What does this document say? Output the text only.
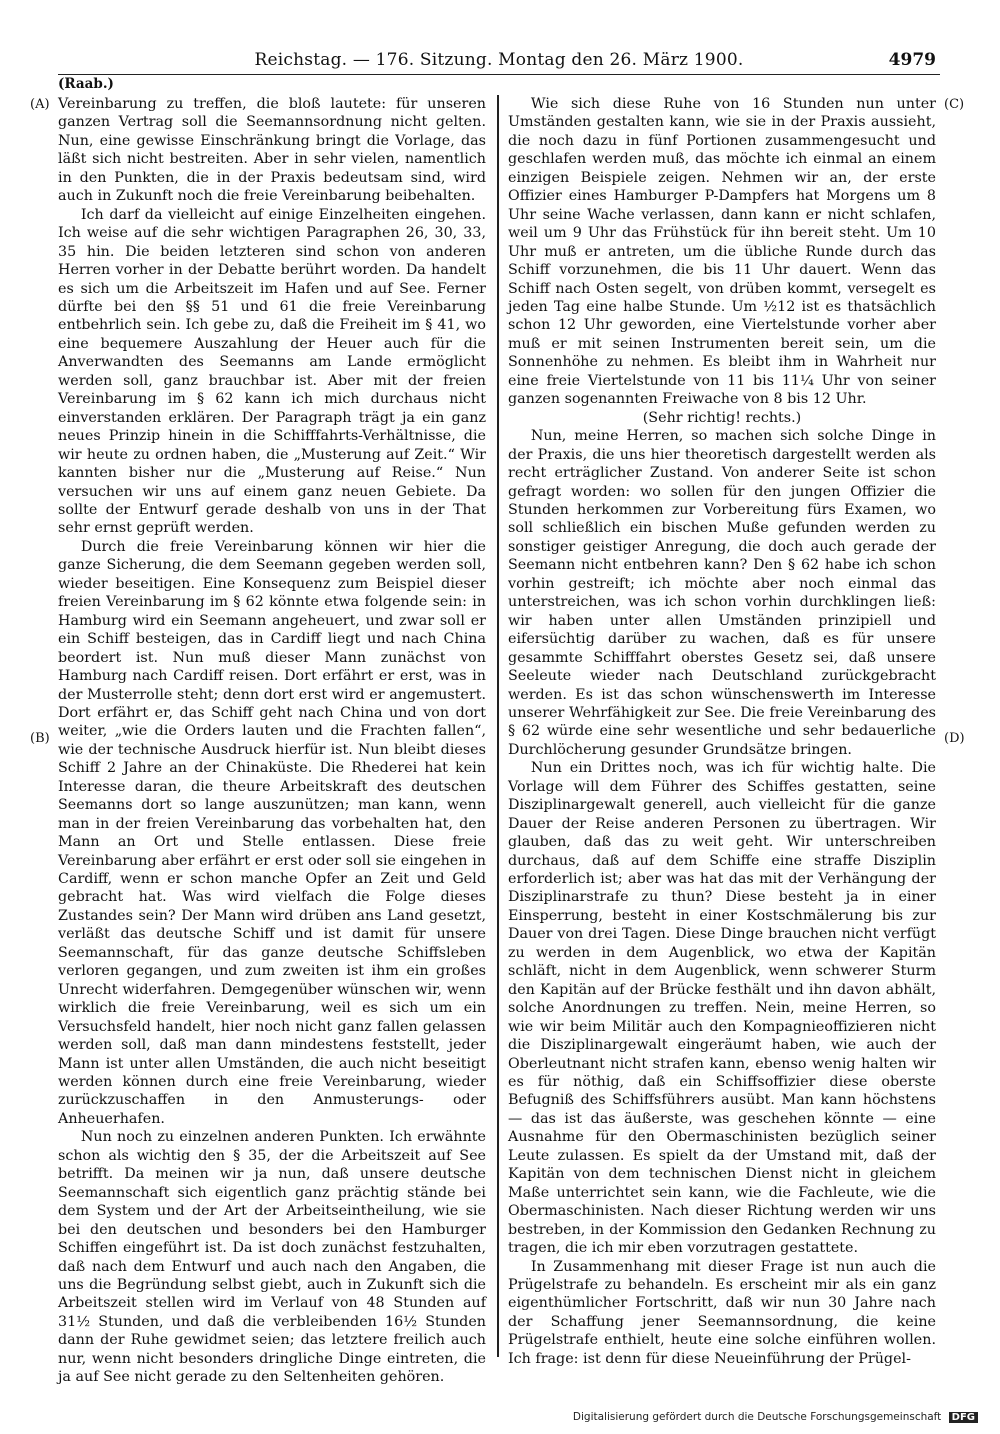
Reichstag. — 176. Sitzung. Montag den 26. März 1900.	4979
(Raab.)
(A)
(B)
(C)
(D)

Vereinbarung zu treffen, die bloß lautete: für unseren ganzen Vertrag soll die Seemannsordnung nicht gelten. Nun, eine gewisse Einschränkung bringt die Vorlage, das läßt sich nicht bestreiten. Aber in sehr vielen, namentlich in den Punkten, die in der Praxis bedeutsam sind, wird auch in Zukunft noch die freie Vereinbarung beibehalten.

Ich darf da vielleicht auf einige Einzelheiten eingehen. Ich weise auf die sehr wichtigen Paragraphen 26, 30, 33, 35 hin. Die beiden letzteren sind schon von anderen Herren vorher in der Debatte berührt worden. Da handelt es sich um die Arbeitszeit im Hafen und auf See. Ferner dürfte bei den §§ 51 und 61 die freie Vereinbarung entbehrlich sein. Ich gebe zu, daß die Freiheit im § 41, wo eine bequemere Auszahlung der Heuer auch für die Anverwandten des Seemanns am Lande ermöglicht werden soll, ganz brauchbar ist. Aber mit der freien Vereinbarung im § 62 kann ich mich durchaus nicht einverstanden erklären. Der Paragraph trägt ja ein ganz neues Prinzip hinein in die Schifffahrts-Verhältnisse, die wir heute zu ordnen haben, die „Musterung auf Zeit.“ Wir kannten bisher nur die „Musterung auf Reise.“ Nun versuchen wir uns auf einem ganz neuen Gebiete. Da sollte der Entwurf gerade deshalb von uns in der That sehr ernst geprüft werden.

Durch die freie Vereinbarung können wir hier die ganze Sicherung, die dem Seemann gegeben werden soll, wieder beseitigen. Eine Konsequenz zum Beispiel dieser freien Vereinbarung im § 62 könnte etwa folgende sein: in Hamburg wird ein Seemann angeheuert, und zwar soll er ein Schiff besteigen, das in Cardiff liegt und nach China beordert ist. Nun muß dieser Mann zunächst von Hamburg nach Cardiff reisen. Dort erfährt er erst, was in der Musterrolle steht; denn dort erst wird er angemustert. Dort erfährt er, das Schiff geht nach China und von dort weiter, „wie die Orders lauten und die Frachten fallen“, wie der technische Ausdruck hierfür ist. Nun bleibt dieses Schiff 2 Jahre an der Chinaküste. Die Rhederei hat kein Interesse daran, die theure Arbeitskraft des deutschen Seemanns dort so lange auszunützen; man kann, wenn man in der freien Vereinbarung das vorbehalten hat, den Mann an Ort und Stelle entlassen. Diese freie Vereinbarung aber erfährt er erst oder soll sie eingehen in Cardiff, wenn er schon manche Opfer an Zeit und Geld gebracht hat. Was wird vielfach die Folge dieses Zustandes sein? Der Mann wird drüben ans Land gesetzt, verläßt das deutsche Schiff und ist damit für unsere Seemannschaft, für das ganze deutsche Schiffsleben verloren gegangen, und zum zweiten ist ihm ein großes Unrecht widerfahren. Demgegenüber wünschen wir, wenn wirklich die freie Vereinbarung, weil es sich um ein Versuchsfeld handelt, hier noch nicht ganz fallen gelassen werden soll, daß man dann mindestens feststellt, jeder Mann ist unter allen Umständen, die auch nicht beseitigt werden können durch eine freie Vereinbarung, wieder zurückzuschaffen in den Anmusterungs- oder Anheuerhafen.

Nun noch zu einzelnen anderen Punkten. Ich erwähnte schon als wichtig den § 35, der die Arbeitszeit auf See betrifft. Da meinen wir ja nun, daß unsere deutsche Seemannschaft sich eigentlich ganz prächtig stände bei dem System und der Art der Arbeitseintheilung, wie sie bei den deutschen und besonders bei den Hamburger Schiffen eingeführt ist. Da ist doch zunächst festzuhalten, daß nach dem Entwurf und auch nach den Angaben, die uns die Begründung selbst giebt, auch in Zukunft sich die Arbeitszeit stellen wird im Verlauf von 48 Stunden auf 31½ Stunden, und daß die verbleibenden 16½ Stunden dann der Ruhe gewidmet seien; das letztere freilich auch nur, wenn nicht besonders dringliche Dinge eintreten, die ja auf See nicht gerade zu den Seltenheiten gehören.

Wie sich diese Ruhe von 16 Stunden nun unter Umständen gestalten kann, wie sie in der Praxis aussieht, die noch dazu in fünf Portionen zusammengesucht und geschlafen werden muß, das möchte ich einmal an einem einzigen Beispiele zeigen. Nehmen wir an, der erste Offizier eines Hamburger P-Dampfers hat Morgens um 8 Uhr seine Wache verlassen, dann kann er nicht schlafen, weil um 9 Uhr das Frühstück für ihn bereit steht. Um 10 Uhr muß er antreten, um die übliche Runde durch das Schiff vorzunehmen, die bis 11 Uhr dauert. Wenn das Schiff nach Osten segelt, von drüben kommt, versegelt es jeden Tag eine halbe Stunde. Um ½12 ist es thatsächlich schon 12 Uhr geworden, eine Viertelstunde vorher aber muß er mit seinen Instrumenten bereit sein, um die Sonnenhöhe zu nehmen. Es bleibt ihm in Wahrheit nur eine freie Viertelstunde von 11 bis 11¼ Uhr von seiner ganzen sogenannten Freiwache von 8 bis 12 Uhr.

(Sehr richtig! rechts.)

Nun, meine Herren, so machen sich solche Dinge in der Praxis, die uns hier theoretisch dargestellt werden als recht erträglicher Zustand. Von anderer Seite ist schon gefragt worden: wo sollen für den jungen Offizier die Stunden herkommen zur Vorbereitung fürs Examen, wo soll schließlich ein bischen Muße gefunden werden zu sonstiger geistiger Anregung, die doch auch gerade der Seemann nicht entbehren kann? Den § 62 habe ich schon vorhin gestreift; ich möchte aber noch einmal das unterstreichen, was ich schon vorhin durchklingen ließ: wir haben unter allen Umständen prinzipiell und eifersüchtig darüber zu wachen, daß es für unsere gesammte Schifffahrt oberstes Gesetz sei, daß unsere Seeleute wieder nach Deutschland zurückgebracht werden. Es ist das schon wünschenswerth im Interesse unserer Wehrfähigkeit zur See. Die freie Vereinbarung des § 62 würde eine sehr wesentliche und sehr bedauerliche Durchlöcherung gesunder Grundsätze bringen.

Nun ein Drittes noch, was ich für wichtig halte. Die Vorlage will dem Führer des Schiffes gestatten, seine Disziplinargewalt generell, auch vielleicht für die ganze Dauer der Reise anderen Personen zu übertragen. Wir glauben, daß das zu weit geht. Wir unterschreiben durchaus, daß auf dem Schiffe eine straffe Disziplin erforderlich ist; aber was hat das mit der Verhängung der Disziplinarstrafe zu thun? Diese besteht ja in einer Einsperrung, besteht in einer Kostschmälerung bis zur Dauer von drei Tagen. Diese Dinge brauchen nicht verfügt zu werden in dem Augenblick, wo etwa der Kapitän schläft, nicht in dem Augenblick, wenn schwerer Sturm den Kapitän auf der Brücke festhält und ihn davon abhält, solche Anordnungen zu treffen. Nein, meine Herren, so wie wir beim Militär auch den Kompagnieoffizieren nicht die Disziplinargewalt eingeräumt haben, wie auch der Oberleutnant nicht strafen kann, ebenso wenig halten wir es für nöthig, daß ein Schiffsoffizier diese oberste Befugniß des Schiffsführers ausübt. Man kann höchstens — das ist das äußerste, was geschehen könnte — eine Ausnahme für den Obermaschinisten bezüglich seiner Leute zulassen. Es spielt da der Umstand mit, daß der Kapitän von dem technischen Dienst nicht in gleichem Maße unterrichtet sein kann, wie die Fachleute, wie die Obermaschinisten. Nach dieser Richtung werden wir uns bestreben, in der Kommission den Gedanken Rechnung zu tragen, die ich mir eben vorzutragen gestattete.

In Zusammenhang mit dieser Frage ist nun auch die Prügelstrafe zu behandeln. Es erscheint mir als ein ganz eigenthümlicher Fortschritt, daß wir nun 30 Jahre nach der Schaffung jener Seemannsordnung, die keine Prügelstrafe enthielt, heute eine solche einführen wollen. Ich frage: ist denn für diese Neueinführung der Prügel-

Digitalisierung gefördert durch die Deutsche Forschungsgemeinschaft DFG
